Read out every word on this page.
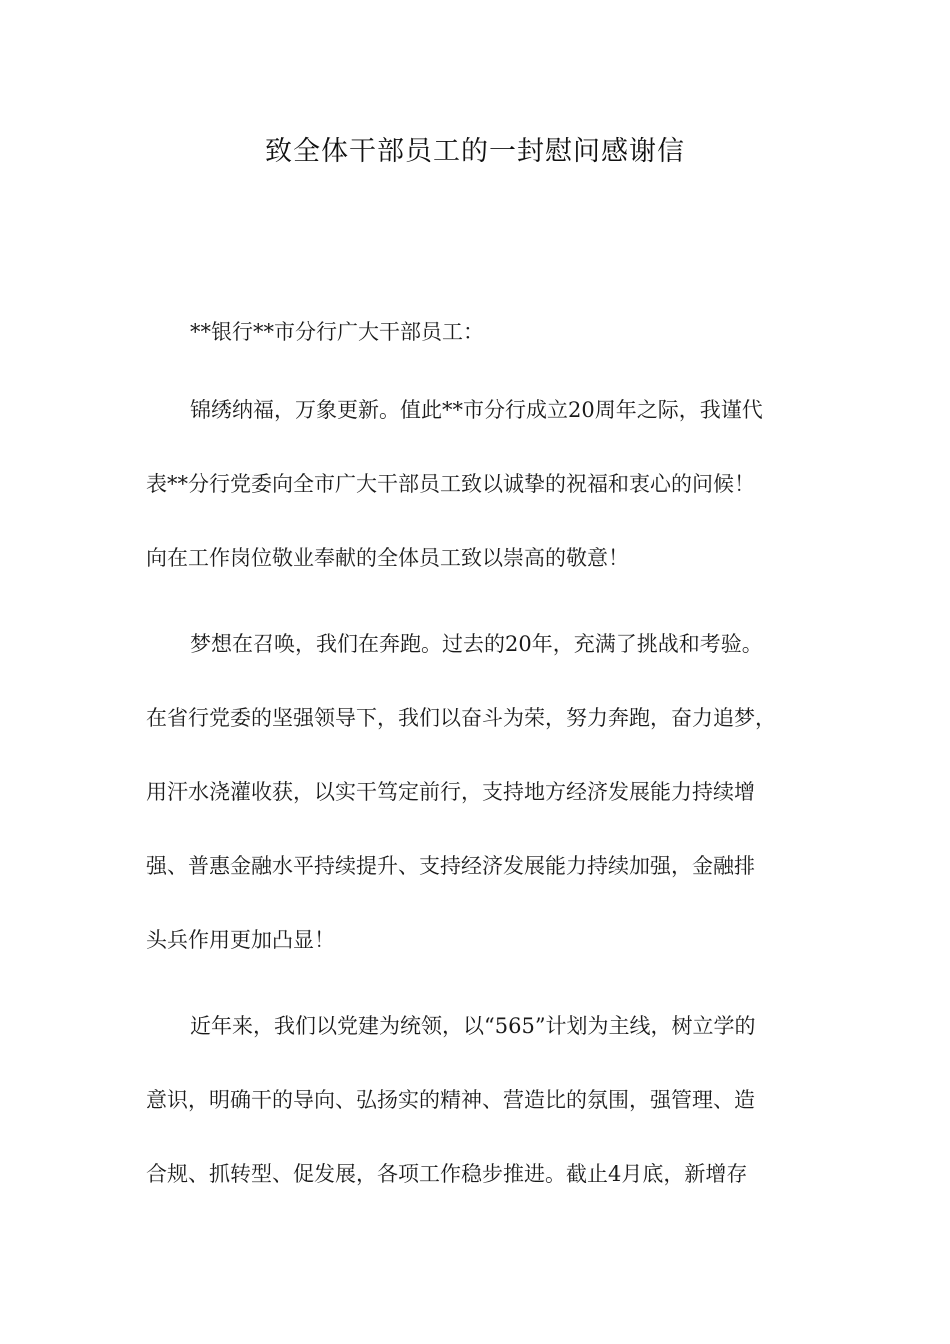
致全体干部员工的一封慰问感谢信
**银行**市分行广大干部员工：
锦绣纳福，万象更新。值此**市分行成立20周年之际，我谨代
表**分行党委向全市广大干部员工致以诚挚的祝福和衷心的问候！
向在工作岗位敬业奉献的全体员工致以崇高的敬意！
梦想在召唤，我们在奔跑。过去的20年，充满了挑战和考验。
在省行党委的坚强领导下，我们以奋斗为荣，努力奔跑，奋力追梦，
用汗水浇灌收获，以实干笃定前行，支持地方经济发展能力持续增
强、普惠金融水平持续提升、支持经济发展能力持续加强，金融排
头兵作用更加凸显！
近年来，我们以党建为统领，以“565”计划为主线，树立学的
意识，明确干的导向、弘扬实的精神、营造比的氛围，强管理、造
合规、抓转型、促发展，各项工作稳步推进。截止4月底，新增存
